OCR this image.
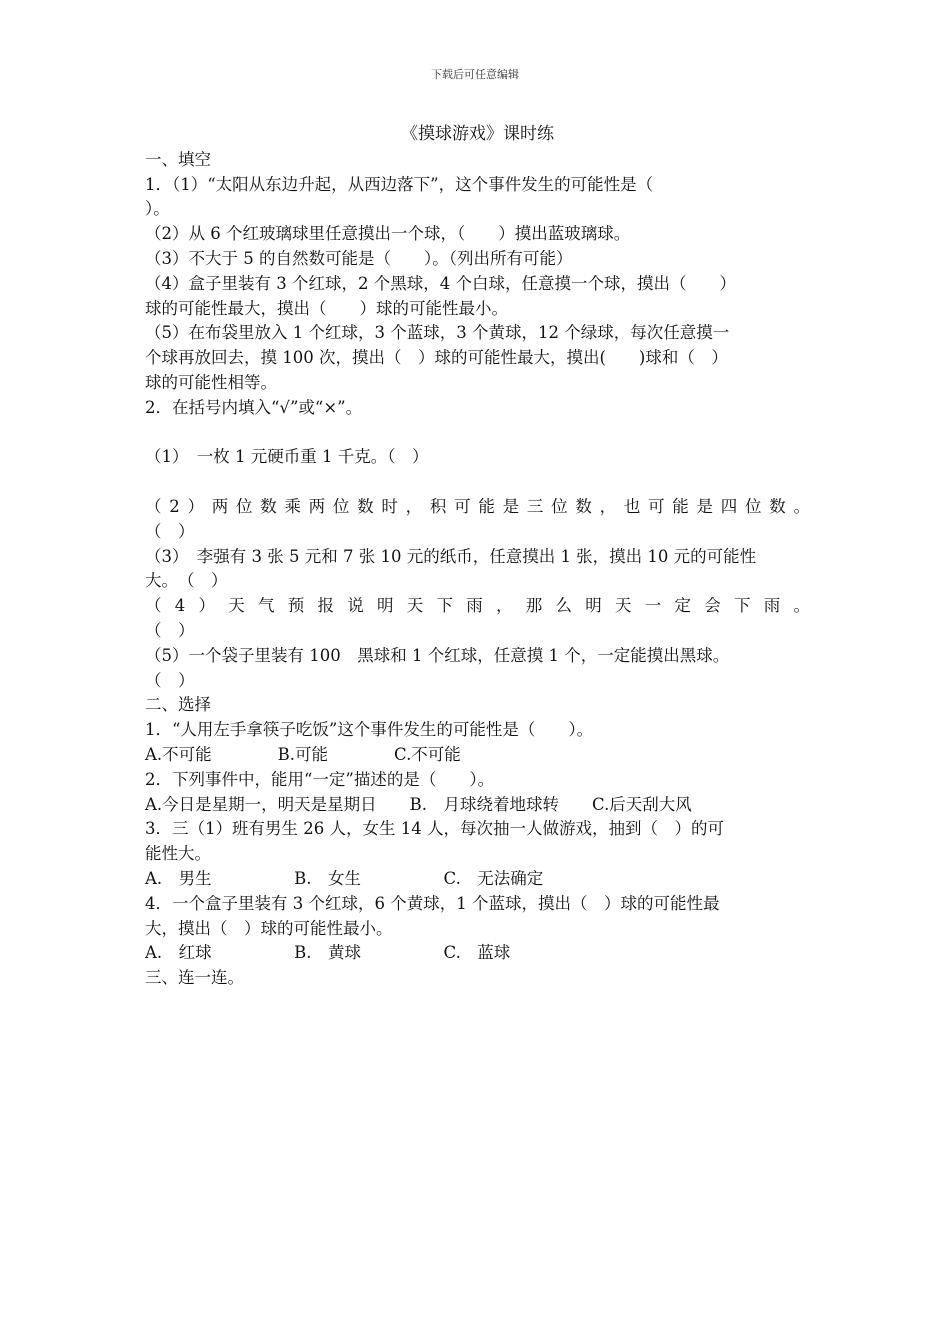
下载后可任意编辑
《摸球游戏》课时练
一、填空
1．（1）“太阳从东边升起，从西边落下”，这个事件发生的可能性是（
）。
（2）从 6 个红玻璃球里任意摸出一个球，（　　）摸出蓝玻璃球。
（3）不大于 5 的自然数可能是（　　）。（列出所有可能）
（4）盒子里装有 3 个红球，2 个黑球，4 个白球，任意摸一个球，摸出（　　）
球的可能性最大，摸出（　　）球的可能性最小。
（5）在布袋里放入 1 个红球，3 个蓝球，3 个黄球，12 个绿球，每次任意摸一
个球再放回去，摸 100 次，摸出（　）球的可能性最大，摸出(　　)球和（　）
球的可能性相等。
2．在括号内填入“√”或“×”。
（1）　一枚 1 元硬币重 1 千克。（　）
（2）两位数乘两位数时，积可能是三位数，也可能是四位数。
（　）
（3）　李强有 3 张 5 元和 7 张 10 元的纸币，任意摸出 1 张，摸出 10 元的可能性
大。　（　）
（4）天气预报说明天下雨，那么明天一定会下雨。
（　）
（5）一个袋子里装有 100　黑球和 1 个红球，任意摸 1 个，一定能摸出黑球。
（　）
二、选择
1．“人用左手拿筷子吃饭”这个事件发生的可能性是（　　）。
A.不可能　　　　B.可能　　　　C.不可能
2．下列事件中，能用“一定”描述的是（　　）。
A.今日是星期一，明天是星期日　　B.　月球绕着地球转　　C.后天刮大风
3．三（1）班有男生 26 人，女生 14 人，每次抽一人做游戏，抽到（　）的可
能性大。
A.　男生　　　　　B.　女生　　　　　C.　无法确定
4．一个盒子里装有 3 个红球，6 个黄球，1 个蓝球，摸出（　）球的可能性最
大，摸出（　）球的可能性最小。
A.　红球　　　　　B.　黄球　　　　　C.　蓝球
三、连一连。
